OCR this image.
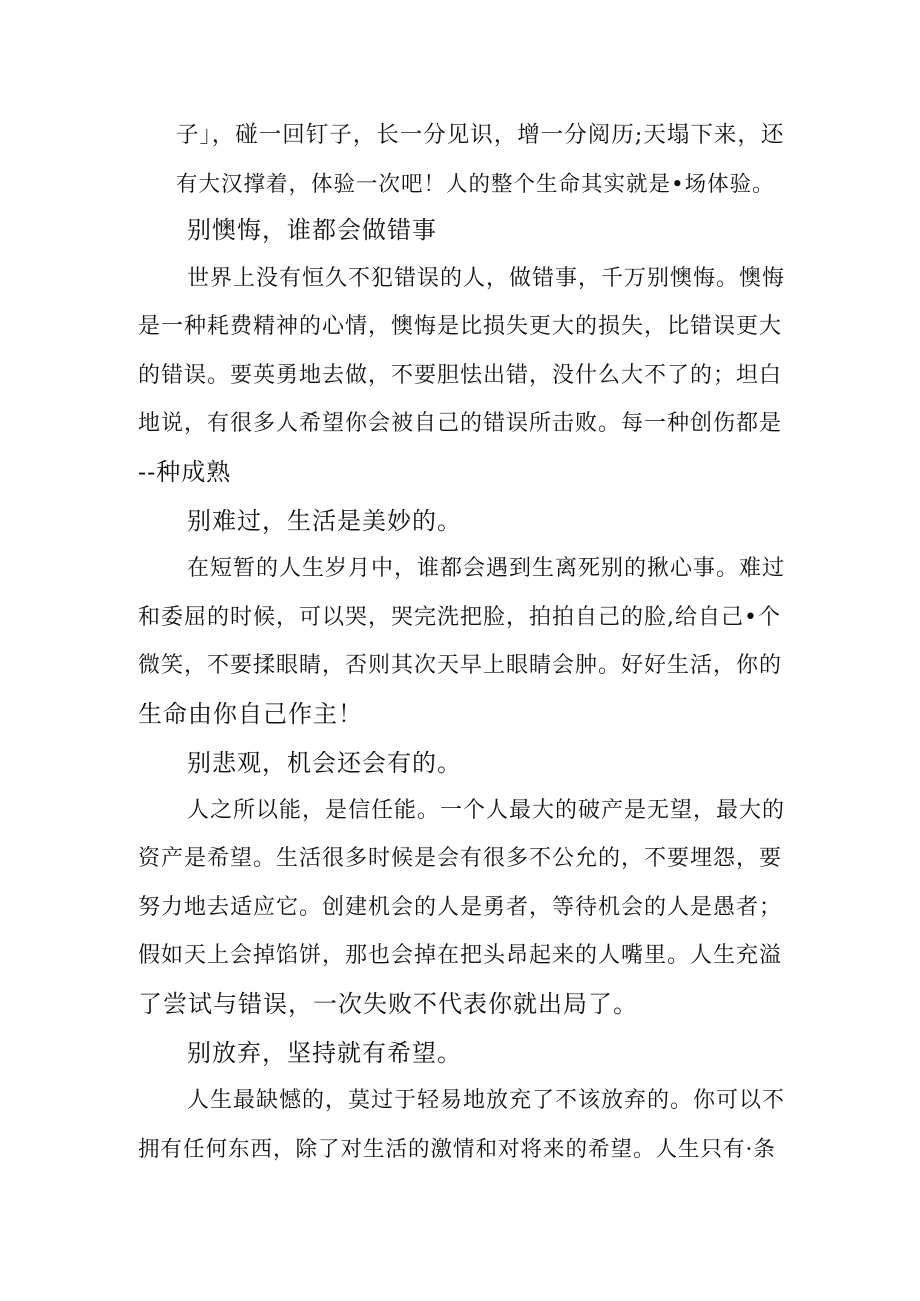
子」，碰一回钉子，长一分见识，增一分阅历;天塌下来，还
有大汉撑着，体验一次吧！人的整个生命其实就是•场体验。
别懊悔，谁都会做错事
世界上没有恒久不犯错误的人，做错事，千万别懊悔。懊悔
是一种耗费精神的心情，懊悔是比损失更大的损失，比错误更大
的错误。要英勇地去做，不要胆怯出错，没什么大不了的；坦白
地说，有很多人希望你会被自己的错误所击败。每一种创伤都是
--种成熟
别难过，生活是美妙的。
在短暂的人生岁月中，谁都会遇到生离死别的揪心事。难过
和委屈的时候，可以哭，哭完洗把脸，拍拍自己的脸,给自己•个
微笑，不要揉眼睛，否则其次天早上眼睛会肿。好好生活，你的
生命由你自己作主！
别悲观，机会还会有的。
人之所以能，是信任能。一个人最大的破产是无望，最大的
资产是希望。生活很多时候是会有很多不公允的，不要埋怨，要
努力地去适应它。创建机会的人是勇者，等待机会的人是愚者；
假如天上会掉馅饼，那也会掉在把头昂起来的人嘴里。人生充溢
了尝试与错误，一次失败不代表你就出局了。
别放弃，坚持就有希望。
人生最缺憾的，莫过于轻易地放充了不该放弃的。你可以不
拥有任何东西，除了对生活的激情和对将来的希望。人生只有·条
